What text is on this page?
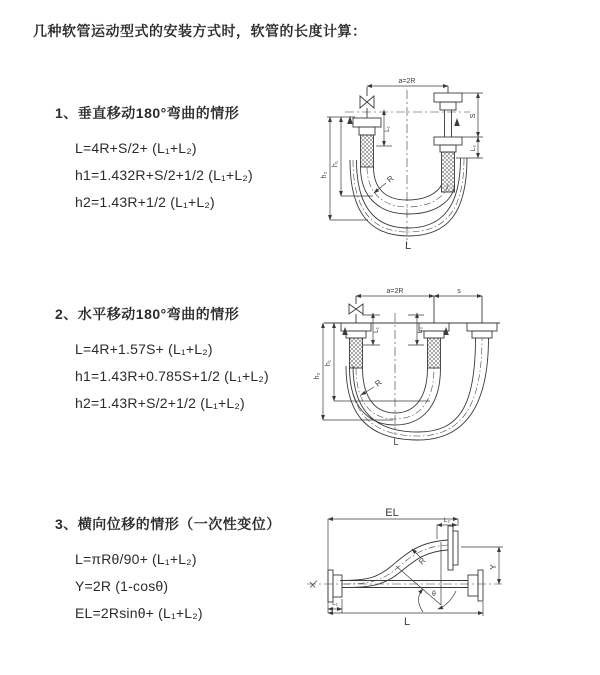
几种软管运动型式的安装方式时，软管的长度计算：
1、垂直移动180°弯曲的情形
L=4R+S/2+ (L₁+L₂)
h1=1.432R+S/2+1/2 (L₁+L₂)
h2=1.43R+1/2 (L₁+L₂)
2、水平移动180°弯曲的情形
L=4R+1.57S+ (L₁+L₂)
h1=1.43R+0.785S+1/2 (L₁+L₂)
h2=1.43R+S/2+1/2 (L₁+L₂)
3、横向位移的情形（一次性变位）
L=πRθ/90+ (L₁+L₂)
Y=2R (1-cosθ)
EL=2Rsinθ+ (L₁+L₂)
a=2R
h₁
h₂
L₁
S
L₂
R
L
a=2R	s
h₁
h₂
L₁	L₂
R
L
EL
L₂
Y
R
θ
L₁
L
